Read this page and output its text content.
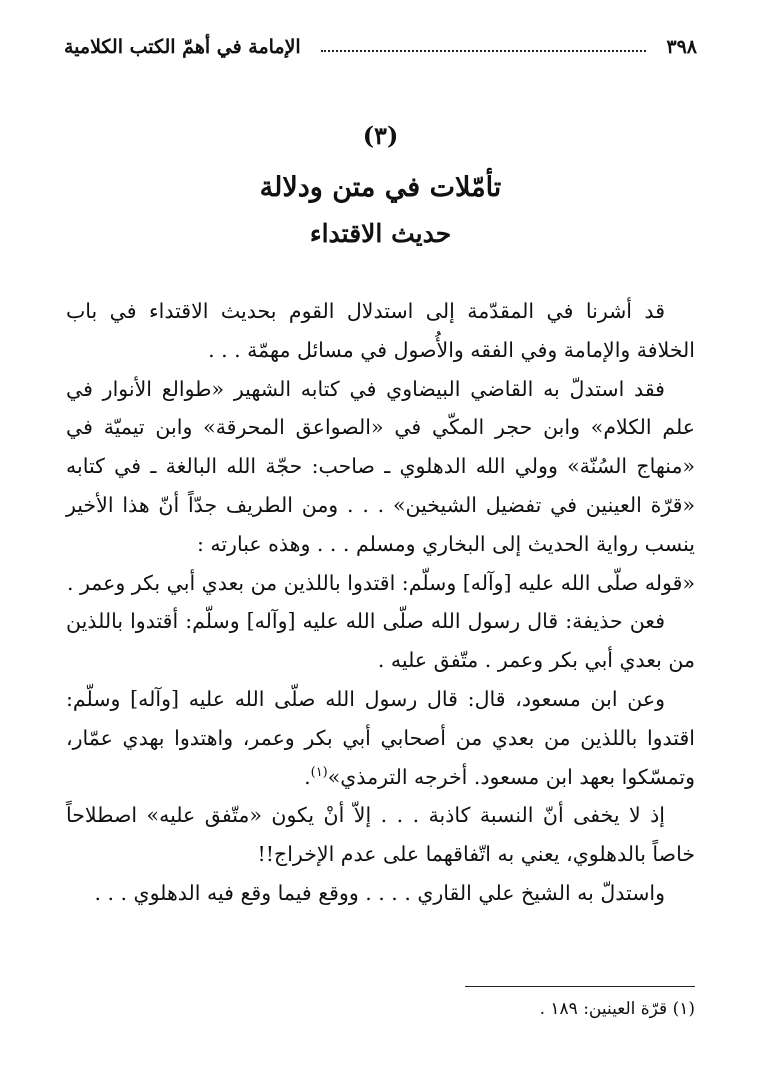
٣٩٨
الإمامة في أهمّ الكتب الكلامية
(٣)
تأمّلات في متن ودلالة
حديث الاقتداء

قد أشرنا في المقدّمة إلى استدلال القوم بحديث الاقتداء في باب الخلافة والإمامة وفي الفقه والأُصول في مسائل مهمّة . . .

فقد استدلّ به القاضي البيضاوي في كتابه الشهير «طوالع الأنوار في علم الكلام» وابن حجر المكّي في «الصواعق المحرقة» وابن تيميّة في «منهاج السُنّة» وولي الله الدهلوي ـ صاحب: حجّة الله البالغة ـ في كتابه «قرّة العينين في تفضيل الشيخين» . . . ومن الطريف جدّاً أنّ هذا الأخير ينسب رواية الحديث إلى البخاري ومسلم . . . وهذه عبارته :

«قوله صلّى الله عليه [وآله] وسلّم: اقتدوا باللذين من بعدي أبي بكر وعمر .

فعن حذيفة: قال رسول الله صلّى الله عليه [وآله] وسلّم: أقتدوا باللذين من بعدي أبي بكر وعمر . متّفق عليه .

وعن ابن مسعود، قال: قال رسول الله صلّى الله عليه [وآله] وسلّم: اقتدوا باللذين من بعدي من أصحابي أبي بكر وعمر، واهتدوا بهدي عمّار، وتمسّكوا بعهد ابن مسعود. أخرجه الترمذي»$^{(١)}$.

إذ لا يخفى أنّ النسبة كاذبة . . . إلاّ أنْ يكون «متّفق عليه» اصطلاحاً خاصاً بالدهلوي، يعني به اتّفاقهما على عدم الإخراج!!

واستدلّ به الشيخ علي القاري . . . . ووقع فيما وقع فيه الدهلوي . . .

(١) قرّة العينين: ١٨٩ .
